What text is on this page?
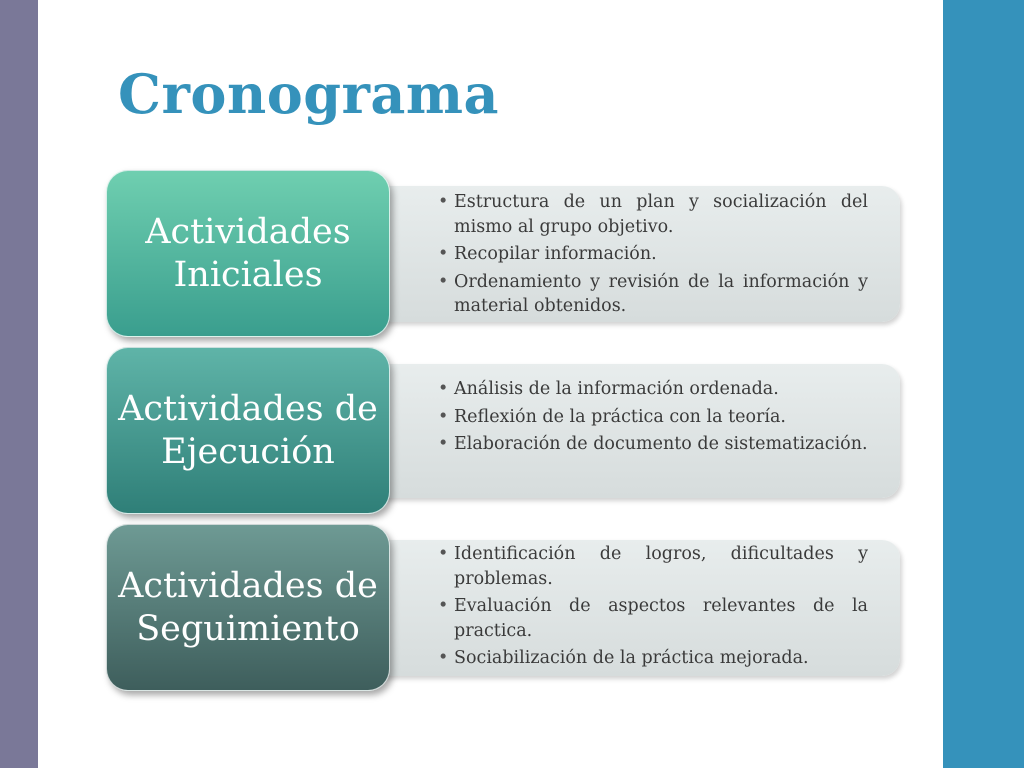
Cronograma
• Estructura de un plan y socialización del mismo al grupo objetivo.
• Recopilar información.
• Ordenamiento y revisión de la información y material obtenidos.
Actividades Iniciales
• Análisis de la información ordenada.
• Reflexión de la práctica con la teoría.
• Elaboración de documento de sistematización.
Actividades de Ejecución
• Identificación de logros, dificultades y problemas.
• Evaluación de aspectos relevantes de la practica.
• Sociabilización de la práctica mejorada.
Actividades de Seguimiento
